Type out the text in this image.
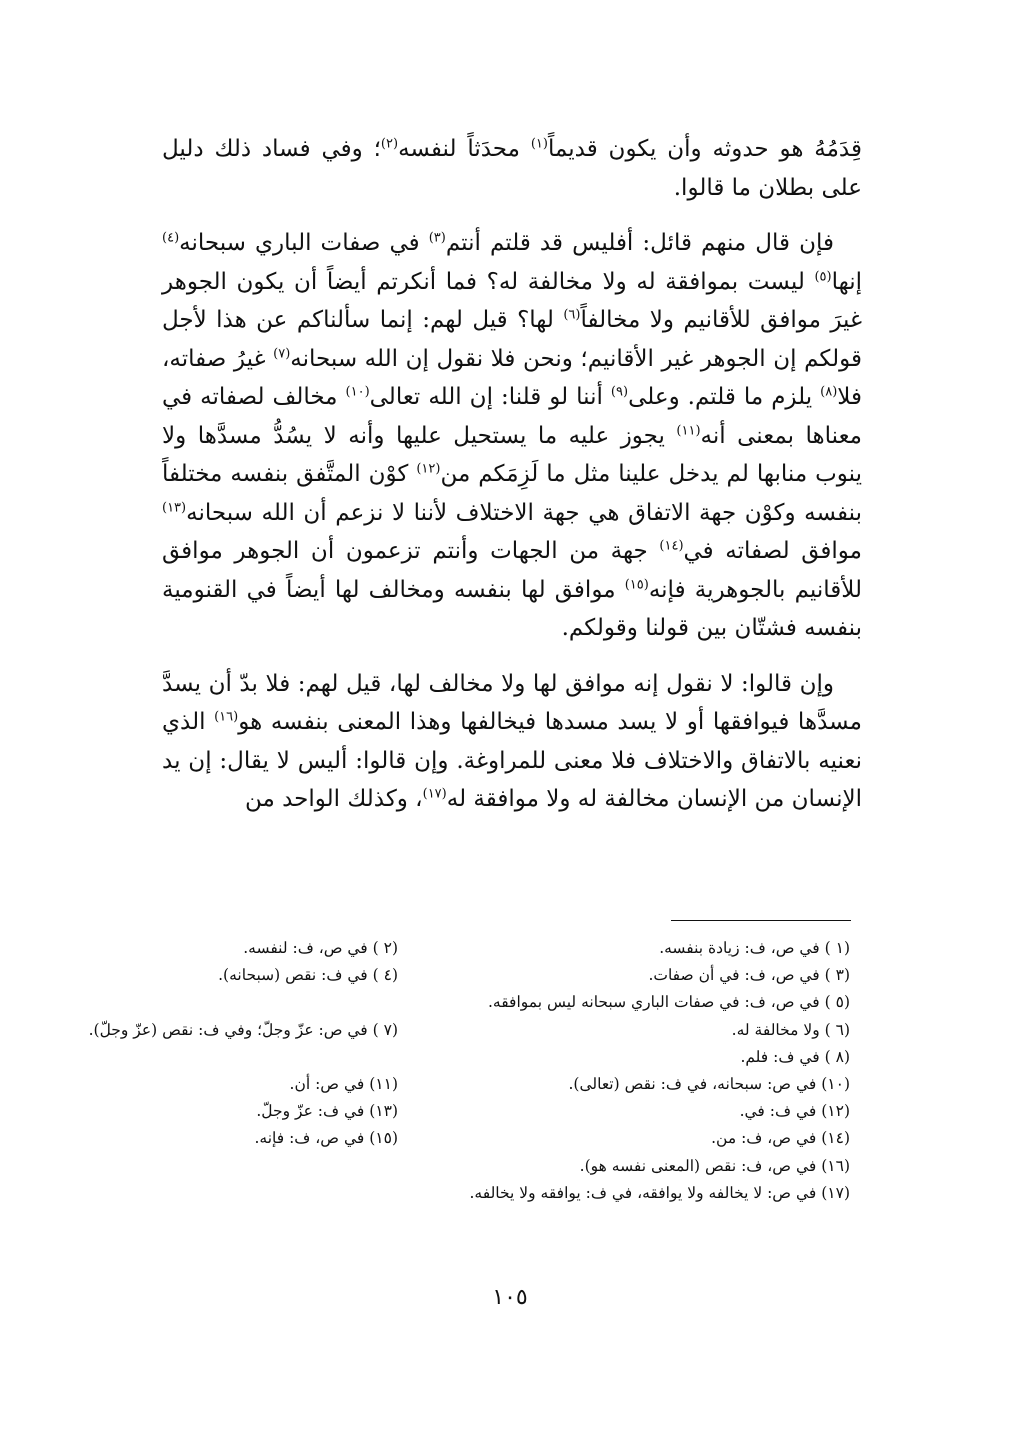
قِدَمُهُ هو حدوثه وأن يكون قديماً$^{(١)}$ محدَثاً لنفسه$^{(٢)}$؛ وفي فساد ذلك دليل على بطلان ما قالوا.

فإن قال منهم قائل: أفليس قد قلتم أنتم$^{(٣)}$ في صفات الباري سبحانه$^{(٤)}$ إنها$^{(٥)}$ ليست بموافقة له ولا مخالفة له؟ فما أنكرتم أيضاً أن يكون الجوهر غيرَ موافق للأقانيم ولا مخالفاً$^{(٦)}$ لها؟ قيل لهم: إنما سألناكم عن هذا لأجل قولكم إن الجوهر غير الأقانيم؛ ونحن فلا نقول إن الله سبحانه$^{(٧)}$ غيرُ صفاته، فلا$^{(٨)}$ يلزم ما قلتم. وعلى$^{(٩)}$ أننا لو قلنا: إن الله تعالى$^{(١٠)}$ مخالف لصفاته في معناها بمعنى أنه$^{(١١)}$ يجوز عليه ما يستحيل عليها وأنه لا يسُدُّ مسدَّها ولا ينوب منابها لم يدخل علينا مثل ما لَزِمَكم من$^{(١٢)}$ كوْن المتَّفق بنفسه مختلفاً بنفسه وكوْن جهة الاتفاق هي جهة الاختلاف لأننا لا نزعم أن الله سبحانه$^{(١٣)}$ موافق لصفاته في$^{(١٤)}$ جهة من الجهات وأنتم تزعمون أن الجوهر موافق للأقانيم بالجوهرية فإنه$^{(١٥)}$ موافق لها بنفسه ومخالف لها أيضاً في القنومية بنفسه فشتّان بين قولنا وقولكم.

وإن قالوا: لا نقول إنه موافق لها ولا مخالف لها، قيل لهم: فلا بدّ أن يسدَّ مسدَّها فيوافقها أو لا يسد مسدها فيخالفها وهذا المعنى بنفسه هو$^{(١٦)}$ الذي نعنيه بالاتفاق والاختلاف فلا معنى للمراوغة. وإن قالوا: أليس لا يقال: إن يد الإنسان من الإنسان مخالفة له ولا موافقة له$^{(١٧)}$، وكذلك الواحد من

(١ ) في ص، ف: زيادة بنفسه.
(٢ ) في ص، ف: لنفسه.
(٣ ) في ص، ف: في أن صفات.
(٤ ) في ف: نقص (سبحانه).
(٥ ) في ص، ف: في صفات الباري سبحانه ليس بموافقه.
(٦ ) ولا مخالفة له.
(٧ ) في ص: عزّ وجلّ؛ وفي ف: نقص (عزّ وجلّ).
(٨ ) في ف: فلم.
(١٠) في ص: سبحانه، في ف: نقص (تعالى).
(١١) في ص: أن.
(١٢) في ف: في.
(١٣) في ف: عزّ وجلّ.
(١٤) في ص، ف: من.
(١٥) في ص، ف: فإنه.
(١٦) في ص، ف: نقص (المعنى نفسه هو).
(١٧) في ص: لا يخالفه ولا يوافقه، في ف: يوافقه ولا يخالفه.
١٠٥
